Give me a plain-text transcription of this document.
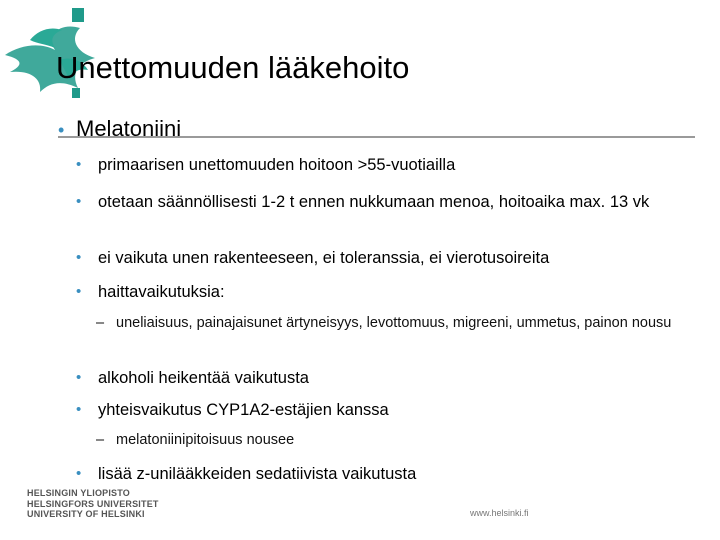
Unettomuuden lääkehoito
• Melatoniini
•	primaarisen unettomuuden hoitoon >55-vuotiailla
•	otetaan säännöllisesti 1-2 t ennen nukkumaan menoa, hoitoaika max. 13 vk
•	ei vaikuta unen rakenteeseen, ei toleranssia, ei vierotusoireita
•	haittavaikutuksia:
– uneliaisuus, painajaisunet ärtyneisyys, levottomuus, migreeni, ummetus, painon nousu
•	alkoholi heikentää vaikutusta
•	yhteisvaikutus CYP1A2-estäjien kanssa
– melatoniinipitoisuus nousee
•	lisää z-unilääkkeiden sedatiivista vaikutusta
HELSINGIN YLIOPISTO
HELSINGFORS UNIVERSITET
UNIVERSITY OF HELSINKI	www.helsinki.fi
